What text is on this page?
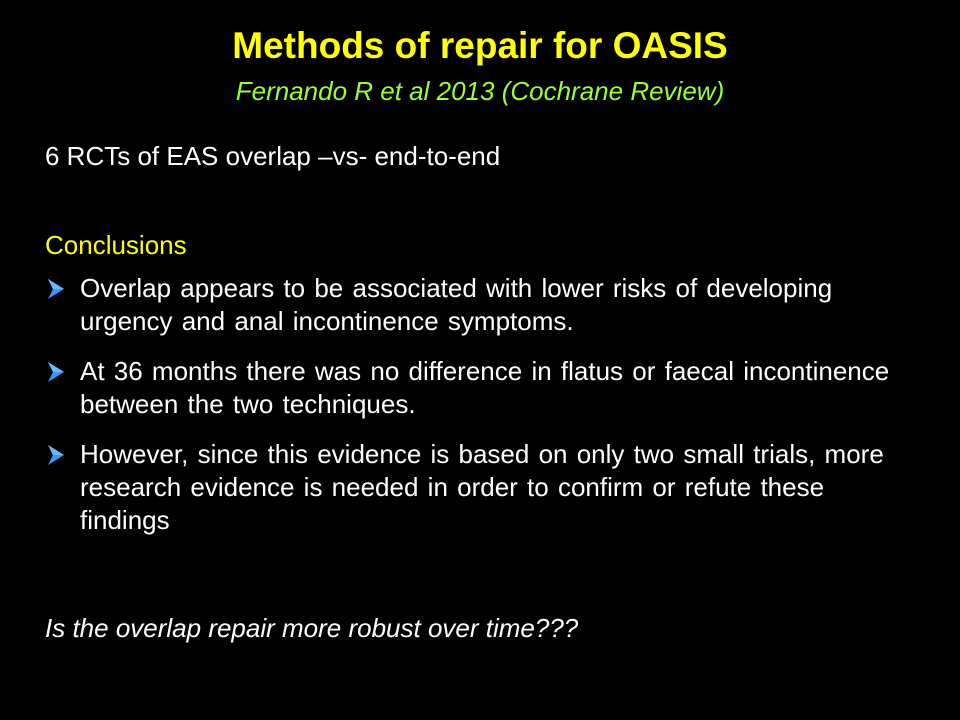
Methods of repair for OASIS
Fernando R et al 2013 (Cochrane Review)
6 RCTs of EAS overlap –vs- end-to-end
Conclusions
Overlap appears to be associated with lower risks of developing urgency and anal incontinence symptoms.
At 36 months there was no difference in flatus or faecal incontinence between the two techniques.
However, since this evidence is based on only two small trials, more research evidence is needed in order to confirm or refute these findings
Is the overlap repair more robust over time???
